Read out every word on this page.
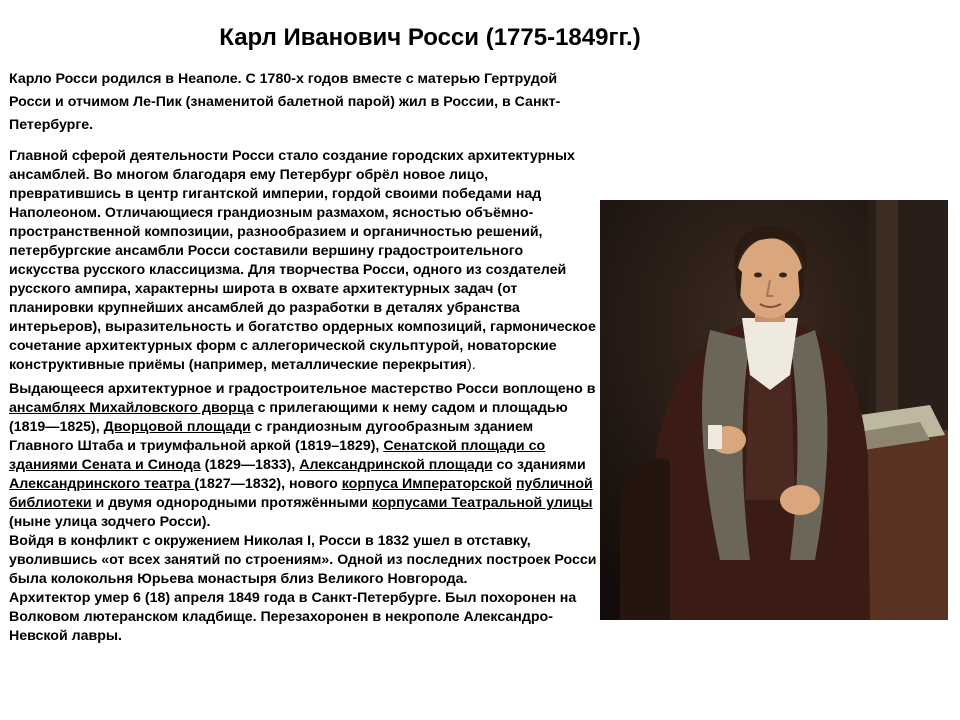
Карл Иванович Росси (1775-1849гг.)

Карло Росси родился в Неаполе. С 1780-х годов вместе с матерью Гертрудой Росси и отчимом Ле-Пик (знаменитой балетной парой) жил в России, в Санкт-Петербурге.

Главной сферой деятельности Росси стало создание городских архитектурных ансамблей. Во многом благодаря ему Петербург обрёл новое лицо, превратившись в центр гигантской империи, гордой своими победами над Наполеоном. Отличающиеся грандиозным размахом, ясностью объёмно-пространственной композиции, разнообразием и органичностью решений, петербургские ансамбли Росси составили вершину градостроительного искусства русского классицизма. Для творчества Росси, одного из создателей русского ампира, характерны широта в охвате архитектурных задач (от планировки крупнейших ансамблей до разработки в деталях убранства интерьеров), выразительность и богатство ордерных композиций, гармоническое сочетание архитектурных форм с аллегорической скульптурой, новаторские конструктивные приёмы (например, металлические перекрытия).

Выдающееся архитектурное и градостроительное мастерство Росси воплощено в ансамблях Михайловского дворца с прилегающими к нему садом и площадью (1819—1825), Дворцовой площади с грандиозным дугообразным зданием Главного Штаба и триумфальной аркой (1819–1829), Сенатской площади со зданиями Сената и Синода (1829—1833), Александринской площади со зданиями Александринского театра (1827—1832), нового корпуса Императорской публичной библиотеки и двумя однородными протяжёнными корпусами Театральной улицы (ныне улица зодчего Росси).

Войдя в конфликт с окружением Николая I, Росси в 1832 ушел в отставку, уволившись «от всех занятий по строениям». Одной из последних построек Росси была колокольня Юрьева монастыря близ Великого Новгорода.

Архитектор умер 6 (18) апреля 1849 года в Санкт-Петербурге. Был похоронен на Волковом лютеранском кладбище. Перезахоронен в некрополе Александро-Невской лавры.
